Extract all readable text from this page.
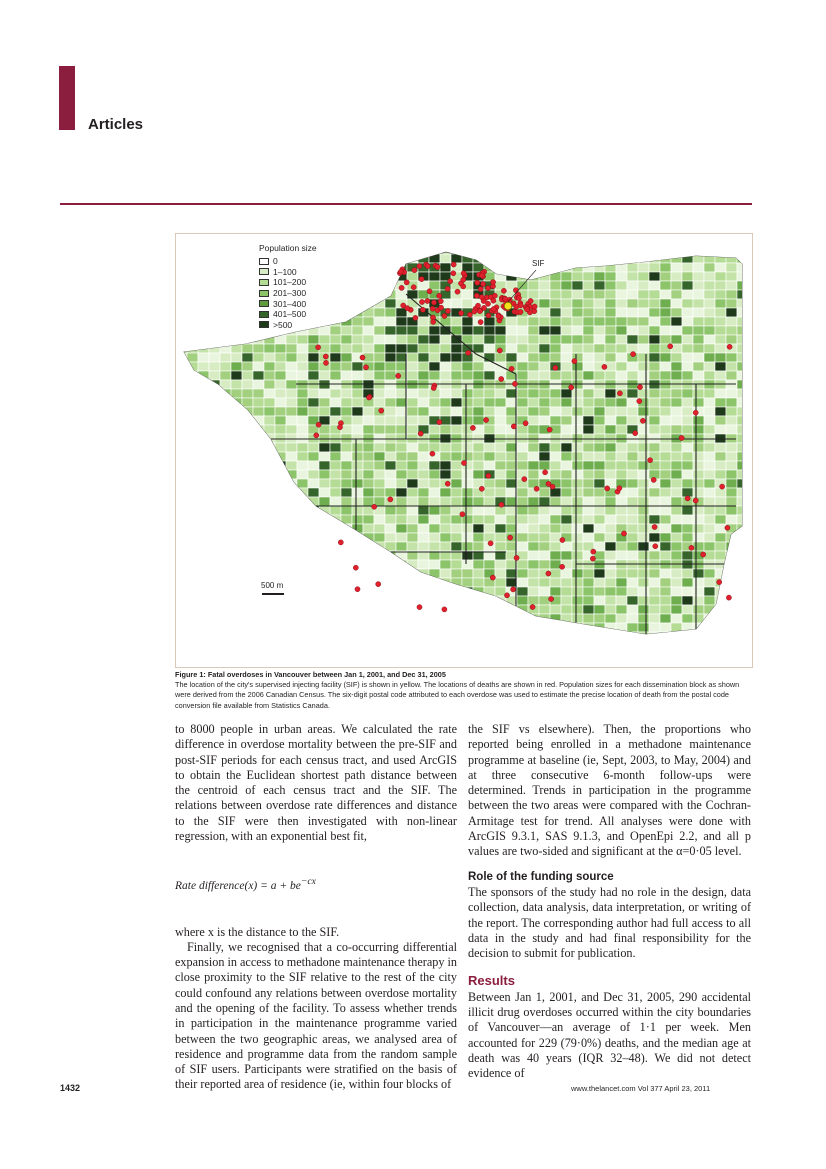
Articles
Population size
0
1–100
101–200
201–300
301–400
401–500
>500
SIF
500 m
Figure 1: Fatal overdoses in Vancouver between Jan 1, 2001, and Dec 31, 2005
The location of the city's supervised injecting facility (SIF) is shown in yellow. The locations of deaths are shown in red. Population sizes for each dissemination block as shown were derived from the 2006 Canadian Census. The six-digit postal code attributed to each overdose was used to estimate the precise location of death from the postal code conversion file available from Statistics Canada.

to 8000 people in urban areas. We calculated the rate difference in overdose mortality between the pre-SIF and post-SIF periods for each census tract, and used ArcGIS to obtain the Euclidean shortest path distance between the centroid of each census tract and the SIF. The relations between overdose rate differences and distance to the SIF were then investigated with non-linear regression, with an exponential best fit,

Rate difference(x) = $a + be^{-cx}$

where x is the distance to the SIF.

Finally, we recognised that a co-occurring differential expansion in access to methadone maintenance therapy in close proximity to the SIF relative to the rest of the city could confound any relations between overdose mortality and the opening of the facility. To assess whether trends in participation in the maintenance programme varied between the two geographic areas, we analysed area of residence and programme data from the random sample of SIF users. Participants were stratified on the basis of their reported area of residence (ie, within four blocks of

the SIF vs elsewhere). Then, the proportions who reported being enrolled in a methadone maintenance programme at baseline (ie, Sept, 2003, to May, 2004) and at three consecutive 6-month follow-ups were determined. Trends in participation in the programme between the two areas were compared with the Cochran-Armitage test for trend. All analyses were done with ArcGIS 9.3.1, SAS 9.1.3, and OpenEpi 2.2, and all p values are two-sided and significant at the α=0·05 level.

Role of the funding source

The sponsors of the study had no role in the design, data collection, data analysis, data interpretation, or writing of the report. The corresponding author had full access to all data in the study and had final responsibility for the decision to submit for publication.

Results

Between Jan 1, 2001, and Dec 31, 2005, 290 accidental illicit drug overdoses occurred within the city boundaries of Vancouver—an average of 1·1 per week. Men accounted for 229 (79·0%) deaths, and the median age at death was 40 years (IQR 32–48). We did not detect evidence of

1432	www.thelancet.com Vol 377 April 23, 2011
